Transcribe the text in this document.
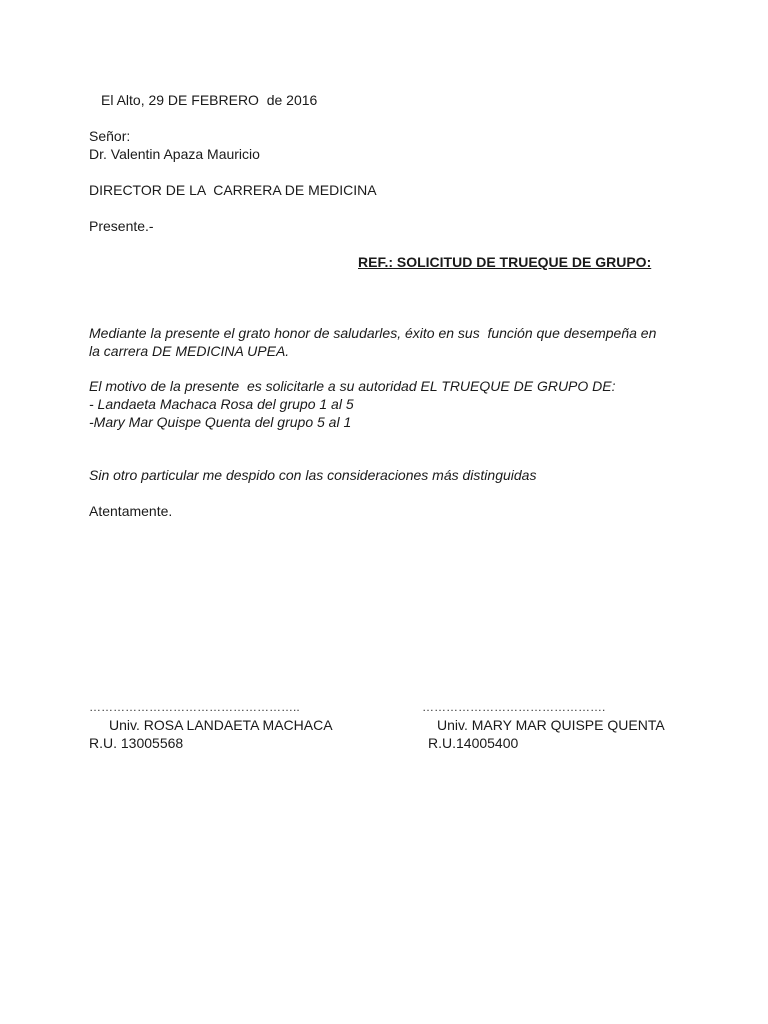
El Alto, 29 DE FEBRERO  de 2016
Señor:
Dr. Valentin Apaza Mauricio
DIRECTOR DE LA  CARRERA DE MEDICINA
Presente.-
REF.: SOLICITUD DE TRUEQUE DE GRUPO:
Mediante la presente el grato honor de saludarles, éxito en sus  función que desempeña en
la carrera DE MEDICINA UPEA.
El motivo de la presente  es solicitarle a su autoridad EL TRUEQUE DE GRUPO DE:
- Landaeta Machaca Rosa del grupo 1 al 5
-Mary Mar Quispe Quenta del grupo 5 al 1
Sin otro particular me despido con las consideraciones más distinguidas
Atentamente.
……………………………………………..	……………………………………….
Univ. ROSA LANDAETA MACHACA	Univ. MARY MAR QUISPE QUENTA
R.U. 13005568	R.U.14005400
